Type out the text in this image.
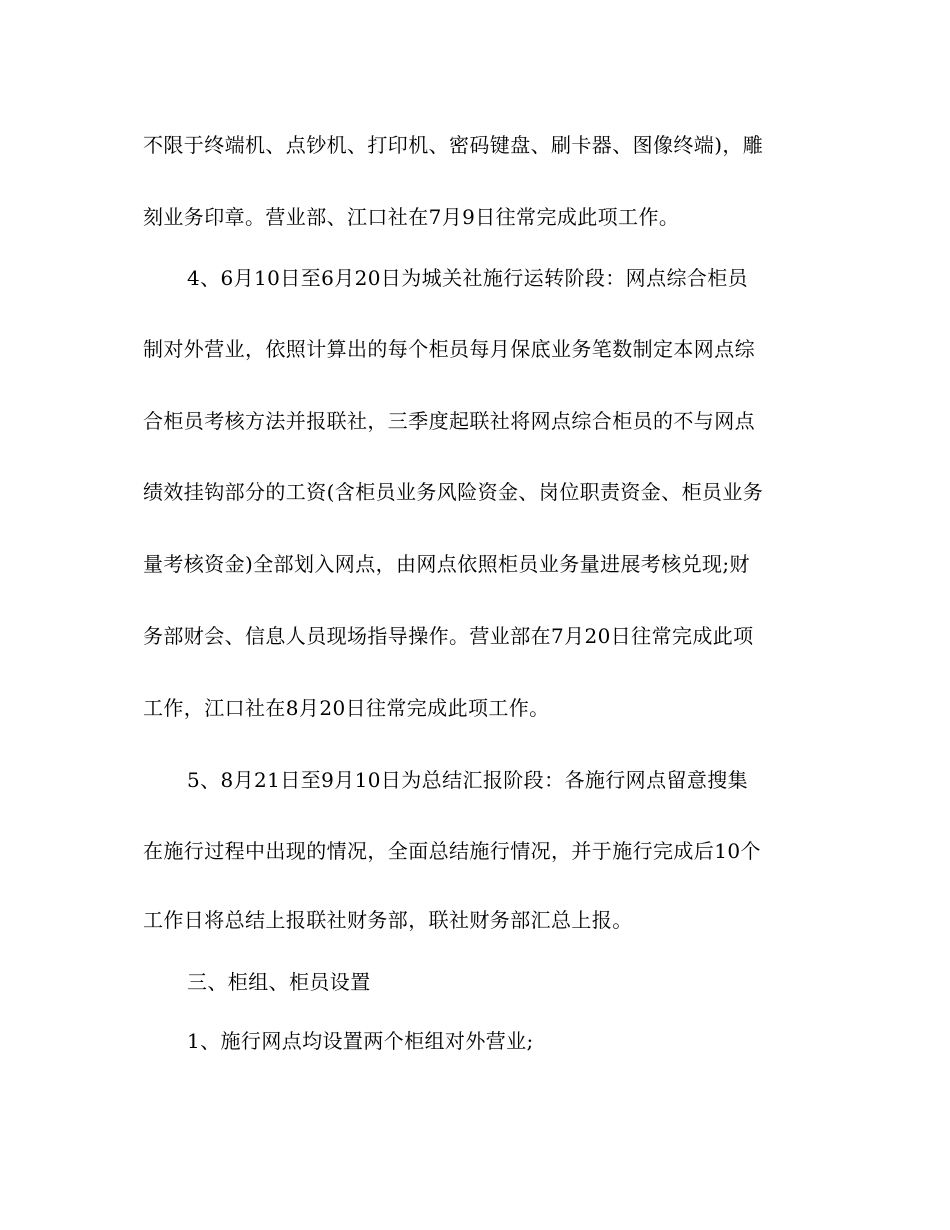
不限于终端机、点钞机、打印机、密码键盘、刷卡器、图像终端)，雕
刻业务印章。营业部、江口社在7月9日往常完成此项工作。
4、6月10日至6月20日为城关社施行运转阶段：网点综合柜员
制对外营业，依照计算出的每个柜员每月保底业务笔数制定本网点综
合柜员考核方法并报联社，三季度起联社将网点综合柜员的不与网点
绩效挂钩部分的工资(含柜员业务风险资金、岗位职责资金、柜员业务
量考核资金)全部划入网点，由网点依照柜员业务量进展考核兑现;财
务部财会、信息人员现场指导操作。营业部在7月20日往常完成此项
工作，江口社在8月20日往常完成此项工作。
5、8月21日至9月10日为总结汇报阶段：各施行网点留意搜集
在施行过程中出现的情况，全面总结施行情况，并于施行完成后10个
工作日将总结上报联社财务部，联社财务部汇总上报。
三、柜组、柜员设置
1、施行网点均设置两个柜组对外营业;
